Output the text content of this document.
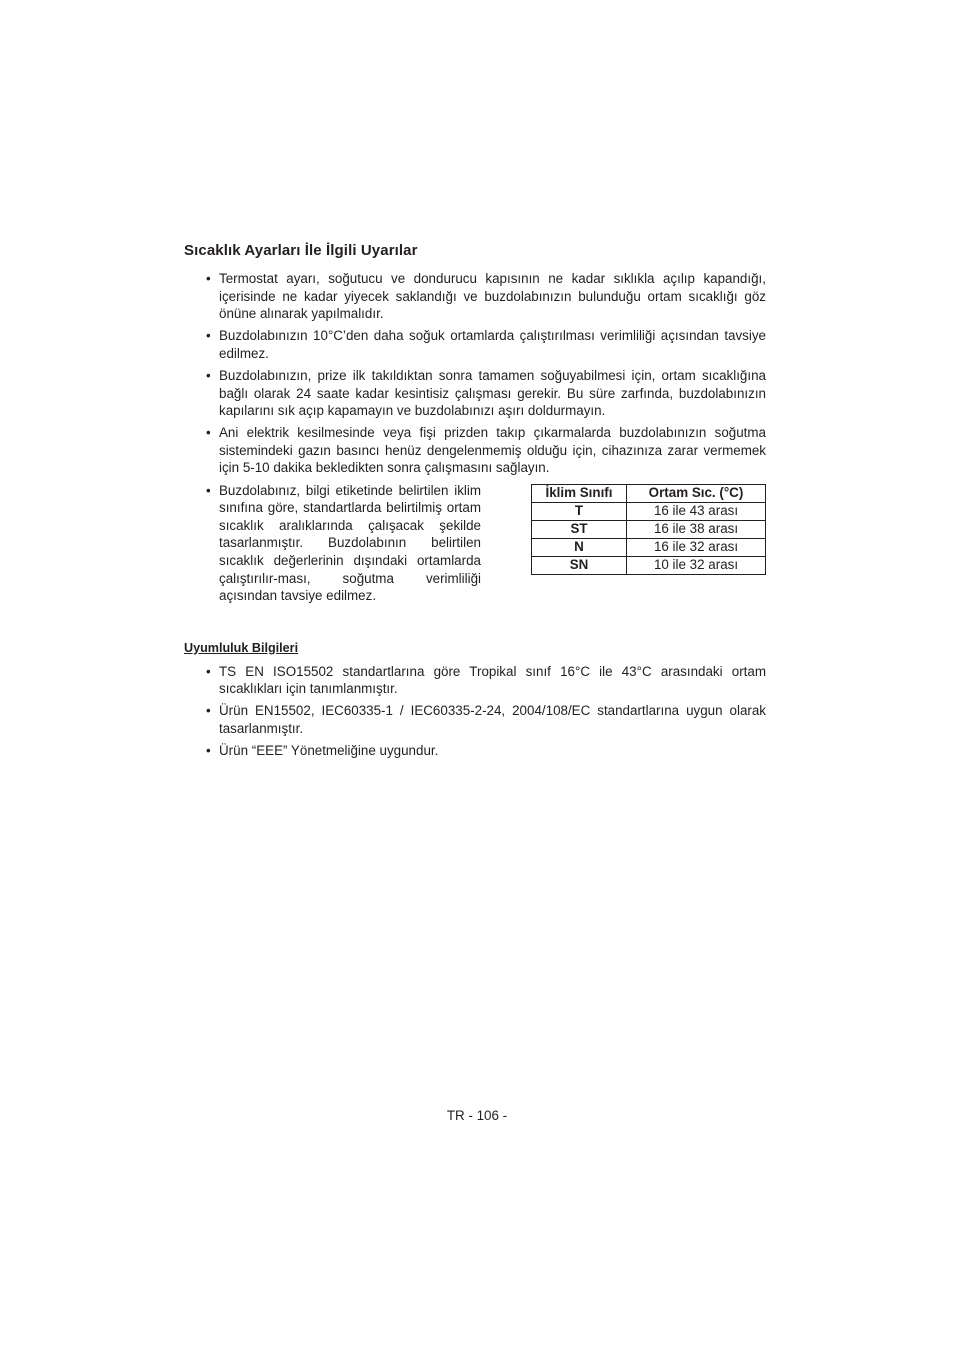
Sıcaklık Ayarları İle İlgili Uyarılar
• Termostat ayarı, soğutucu ve dondurucu kapısının ne kadar sıklıkla açılıp kapandığı, içerisinde ne kadar yiyecek saklandığı ve buzdolabınızın bulunduğu ortam sıcaklığı göz önüne alınarak yapılmalıdır.
• Buzdolabınızın 10°C’den daha soğuk ortamlarda çalıştırılması verimliliği açısından tavsiye edilmez.
• Buzdolabınızın, prize ilk takıldıktan sonra tamamen soğuyabilmesi için, ortam sıcaklığına bağlı olarak 24 saate kadar kesintisiz çalışması gerekir. Bu süre zarfında, buzdolabınızın kapılarını sık açıp kapamayın ve buzdolabınızı aşırı doldurmayın.
• Ani elektrik kesilmesinde veya fişi prizden takıp çıkarmalarda buzdolabınızın soğutma sistemindeki gazın basıncı henüz dengelenmemiş olduğu için, cihazınıza zarar vermemek için 5-10 dakika bekledikten sonra çalışmasını sağlayın.
• Buzdolabınız, bilgi etiketinde belirtilen iklim sınıfına göre, standartlarda belirtilmiş ortam sıcaklık aralıklarında çalışacak şekilde tasarlanmıştır. Buzdolabının belirtilen sıcaklık değerlerinin dışındaki ortamlarda çalıştırılır-ması, soğutma verimliliği açısından tavsiye edilmez.
İklim Sınıfı	Ortam Sıc. (°C)
T	16 ile 43 arası
ST	16 ile 38 arası
N	16 ile 32 arası
SN	10 ile 32 arası
Uyumluluk Bilgileri
• TS EN ISO15502 standartlarına göre Tropikal sınıf 16°C ile 43°C arasındaki ortam sıcaklıkları için tanımlanmıştır.
• Ürün EN15502, IEC60335-1 / IEC60335-2-24, 2004/108/EC standartlarına uygun olarak tasarlanmıştır.
• Ürün “EEE” Yönetmeliğine uygundur.
TR - 106 -
